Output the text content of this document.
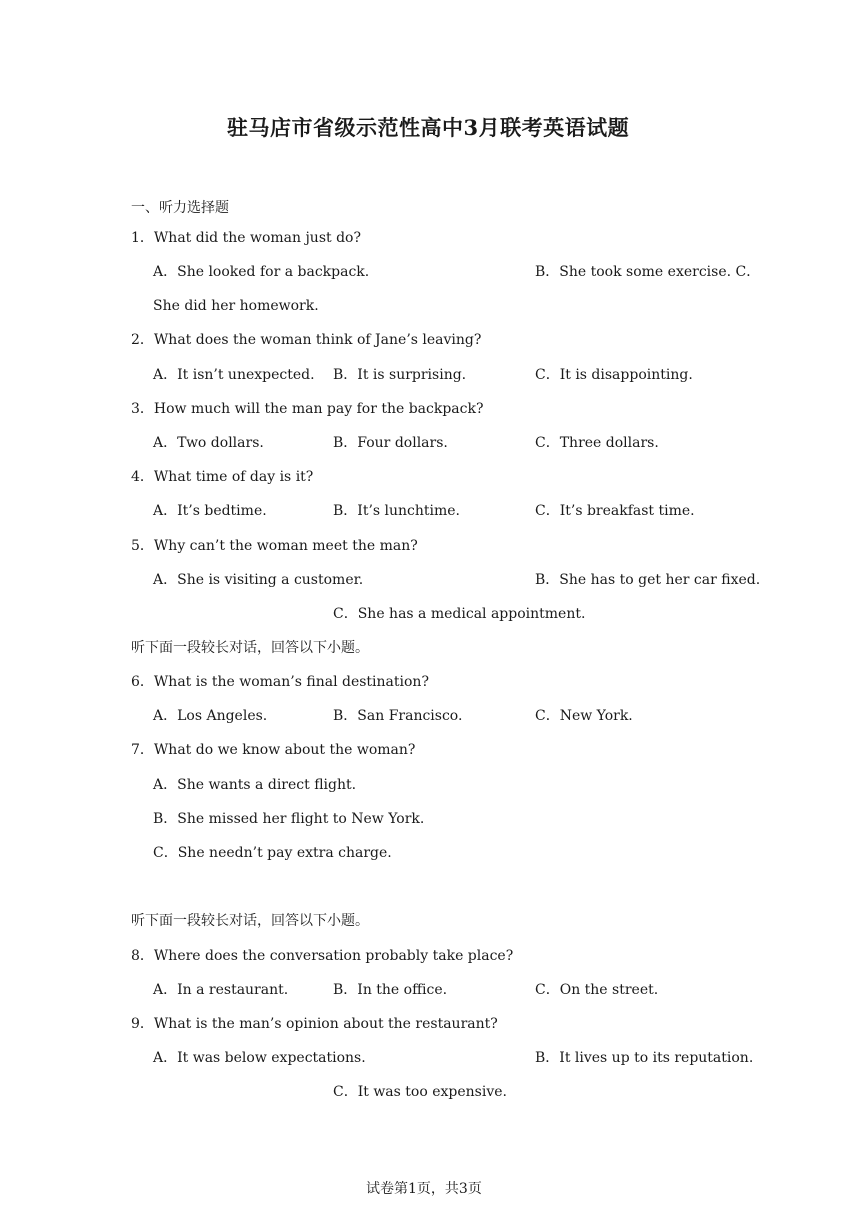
驻马店市省级示范性高中3月联考英语试题
一、听力选择题
1．What did the woman just do?
A．She looked for a backpack.	B．She took some exercise. C．
She did her homework.
2．What does the woman think of Jane’s leaving?
A．It isn’t unexpected. B．It is surprising.	C．It is disappointing.
3．How much will the man pay for the backpack?
A．Two dollars.	B．Four dollars.	C．Three dollars.
4．What time of day is it?
A．It’s bedtime.	B．It’s lunchtime.	C．It’s breakfast time.
5．Why can’t the woman meet the man?
A．She is visiting a customer.	B．She has to get her car fixed.
C．She has a medical appointment.
听下面一段较长对话，回答以下小题。
6．What is the woman’s final destination?
A．Los Angeles.	B．San Francisco.	C．New York.
7．What do we know about the woman?
A．She wants a direct flight.
B．She missed her flight to New York.
C．She needn’t pay extra charge.
听下面一段较长对话，回答以下小题。
8．Where does the conversation probably take place?
A．In a restaurant.	B．In the office.	C．On the street.
9．What is the man’s opinion about the restaurant?
A．It was below expectations.	B．It lives up to its reputation.
C．It was too expensive.
试卷第1页，共3页
